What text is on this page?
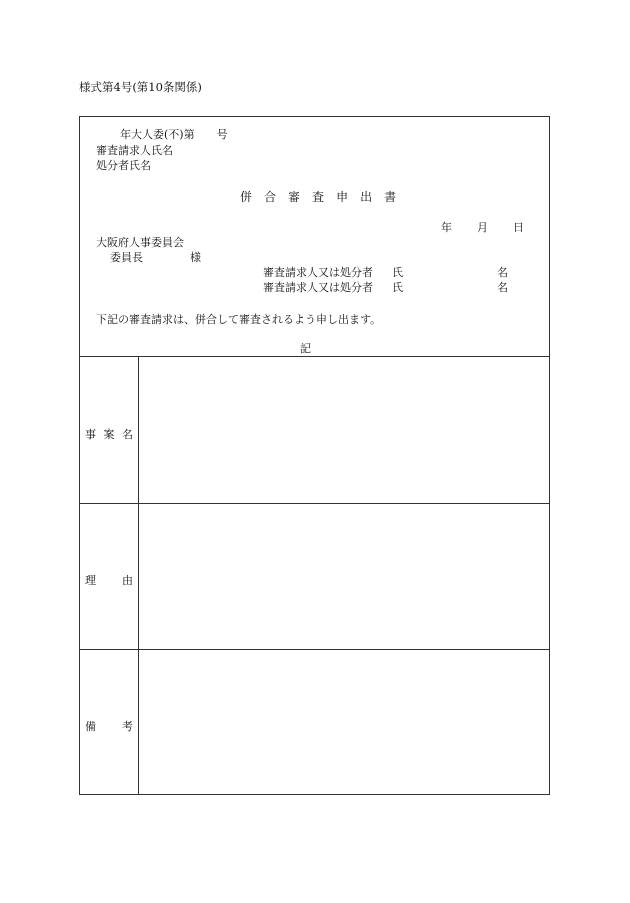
様式第4号(第10条関係)
年大人委(不)第　　号
審査請求人氏名
処分者氏名
併 合 審 査 申 出 書
年 月 日
大阪府人事委員会
委員長	様
審査請求人又は処分者 氏	名
審査請求人又は処分者 氏	名
下記の審査請求は、併合して審査されるよう申し出ます。
記
事 案 名
理 由
備 考
